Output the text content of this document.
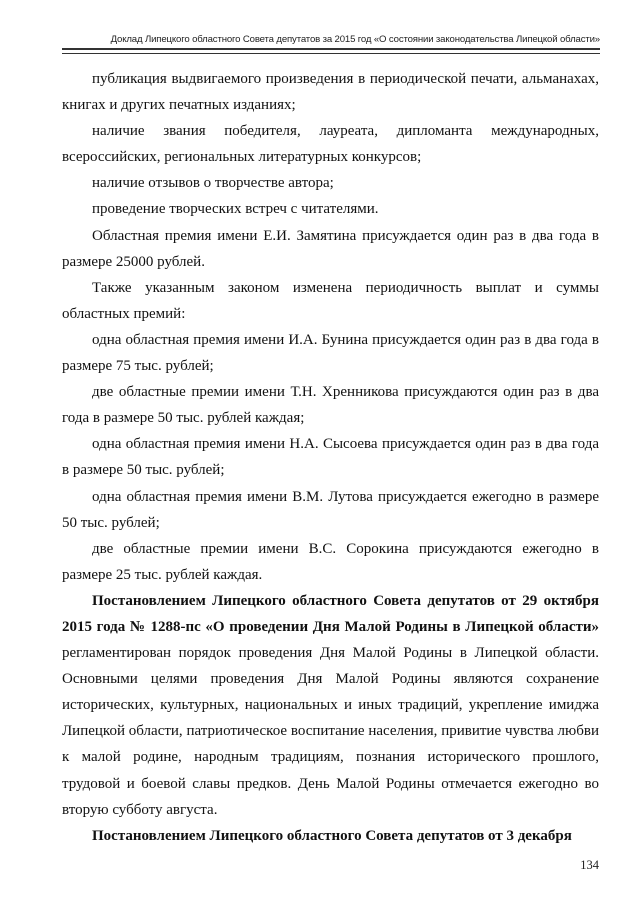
Доклад Липецкого областного Совета депутатов за 2015 год «О состоянии законодательства Липецкой области»

публикация выдвигаемого произведения в периодической печати, альманахах, книгах и других печатных изданиях;

наличие звания победителя, лауреата, дипломанта международных, всероссийских, региональных литературных конкурсов;

наличие отзывов о творчестве автора;

проведение творческих встреч с читателями.

Областная премия имени Е.И. Замятина присуждается один раз в два года в размере 25000 рублей.

Также указанным законом изменена периодичность выплат и суммы областных премий:

одна областная премия имени И.А. Бунина присуждается один раз в два года в размере 75 тыс. рублей;

две областные премии имени Т.Н. Хренникова присуждаются один раз в два года в размере 50 тыс. рублей каждая;

одна областная премия имени Н.А. Сысоева присуждается один раз в два года в размере 50 тыс. рублей;

одна областная премия имени В.М. Лутова присуждается ежегодно в размере 50 тыс. рублей;

две областные премии имени В.С. Сорокина присуждаются ежегодно в размере 25 тыс. рублей каждая.

Постановлением Липецкого областного Совета депутатов от 29 октября 2015 года № 1288-пс «О проведении Дня Малой Родины в Липецкой области» регламентирован порядок проведения Дня Малой Родины в Липецкой области. Основными целями проведения Дня Малой Родины являются сохранение исторических, культурных, национальных и иных традиций, укрепление имиджа Липецкой области, патриотическое воспитание населения, привитие чувства любви к малой родине, народным традициям, познания исторического прошлого, трудовой и боевой славы предков. День Малой Родины отмечается ежегодно во вторую субботу августа.

Постановлением Липецкого областного Совета депутатов от 3 декабря

134
